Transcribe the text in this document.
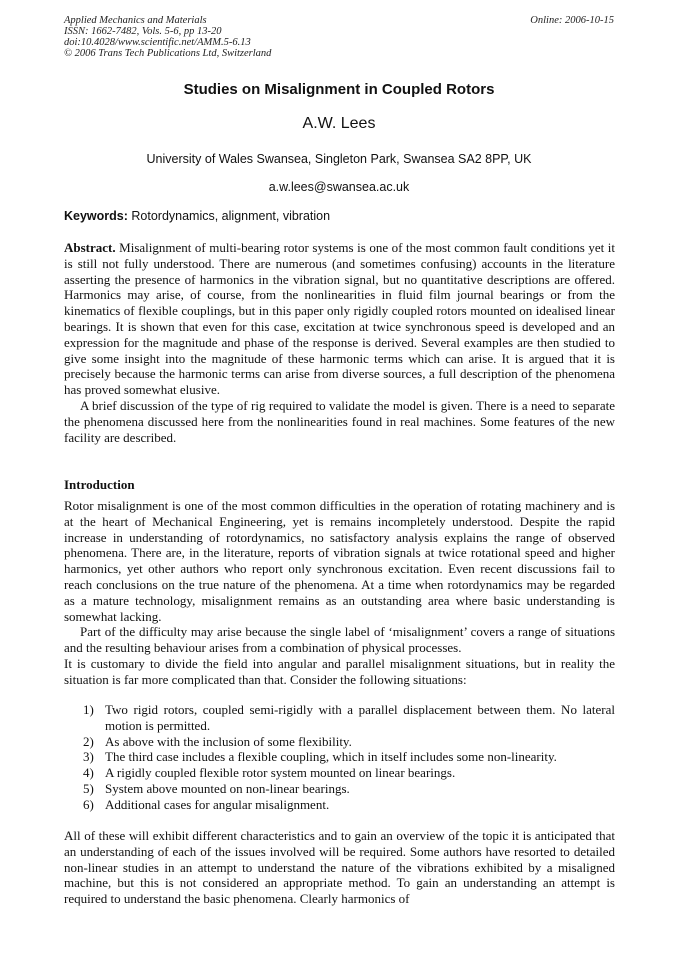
Applied Mechanics and Materials
ISSN: 1662-7482, Vols. 5-6, pp 13-20
doi:10.4028/www.scientific.net/AMM.5-6.13
© 2006 Trans Tech Publications Ltd, Switzerland
Online: 2006-10-15
Studies on Misalignment in Coupled Rotors
A.W. Lees
University of Wales Swansea, Singleton Park, Swansea SA2 8PP, UK
a.w.lees@swansea.ac.uk
Keywords: Rotordynamics, alignment, vibration

Abstract. Misalignment of multi-bearing rotor systems is one of the most common fault conditions yet it is still not fully understood. There are numerous (and sometimes confusing) accounts in the literature asserting the presence of harmonics in the vibration signal, but no quantitative descriptions are offered. Harmonics may arise, of course, from the nonlinearities in fluid film journal bearings or from the kinematics of flexible couplings, but in this paper only rigidly coupled rotors mounted on idealised linear bearings. It is shown that even for this case, excitation at twice synchronous speed is developed and an expression for the magnitude and phase of the response is derived. Several examples are then studied to give some insight into the magnitude of these harmonic terms which can arise. It is argued that it is precisely because the harmonic terms can arise from diverse sources, a full description of the phenomena has proved somewhat elusive.

A brief discussion of the type of rig required to validate the model is given. There is a need to separate the phenomena discussed here from the nonlinearities found in real machines. Some features of the new facility are described.

Introduction

Rotor misalignment is one of the most common difficulties in the operation of rotating machinery and is at the heart of Mechanical Engineering, yet is remains incompletely understood. Despite the rapid increase in understanding of rotordynamics, no satisfactory analysis explains the range of observed phenomena. There are, in the literature, reports of vibration signals at twice rotational speed and higher harmonics, yet other authors who report only synchronous excitation. Even recent discussions fail to reach conclusions on the true nature of the phenomena. At a time when rotordynamics may be regarded as a mature technology, misalignment remains as an outstanding area where basic understanding is somewhat lacking.

Part of the difficulty may arise because the single label of ‘misalignment’ covers a range of situations and the resulting behaviour arises from a combination of physical processes.

It is customary to divide the field into angular and parallel misalignment situations, but in reality the situation is far more complicated than that. Consider the following situations:

1) Two rigid rotors, coupled semi-rigidly with a parallel displacement between them. No lateral motion is permitted.
2) As above with the inclusion of some flexibility.
3) The third case includes a flexible coupling, which in itself includes some non-linearity.
4) A rigidly coupled flexible rotor system mounted on linear bearings.
5) System above mounted on non-linear bearings.
6) Additional cases for angular misalignment.

All of these will exhibit different characteristics and to gain an overview of the topic it is anticipated that an understanding of each of the issues involved will be required. Some authors have resorted to detailed non-linear studies in an attempt to understand the nature of the vibrations exhibited by a misaligned machine, but this is not considered an appropriate method. To gain an understanding an attempt is required to understand the basic phenomena. Clearly harmonics of
